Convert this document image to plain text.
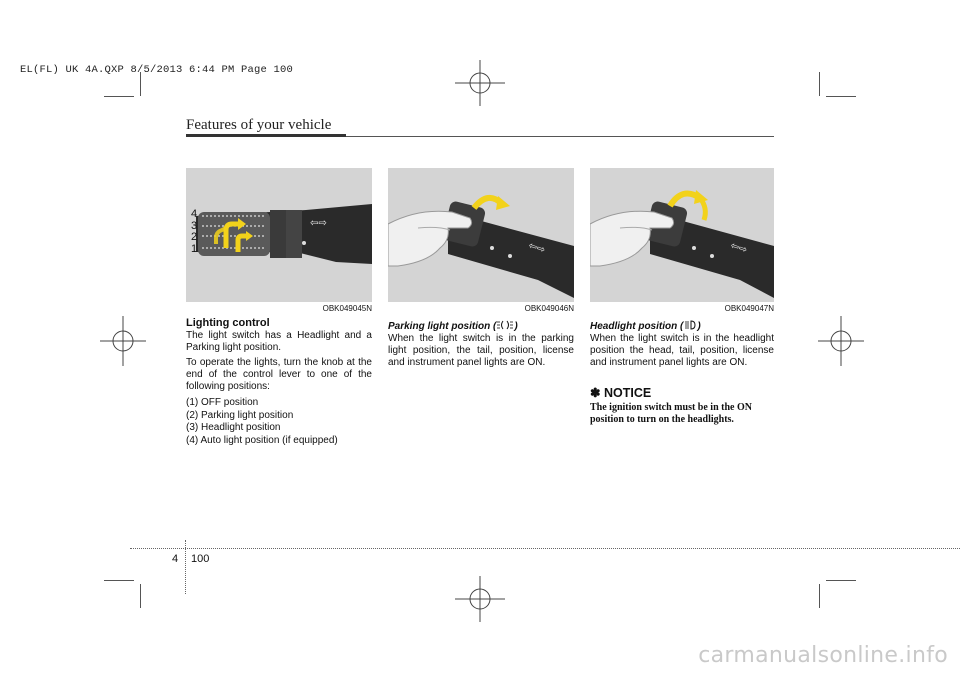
EL(FL) UK 4A.QXP 8/5/2013 6:44 PM Page 100
Features of your vehicle
⇦⇨
4
3
2
1
OBK049045N
⇦⇨
OBK049046N
⇦⇨
OBK049047N
Lighting control

The light switch has a Headlight and a Parking light position.

To operate the lights, turn the knob at the end of the control lever to one of the following positions:

(1) OFF position
(2) Parking light position
(3) Headlight position
(4) Auto light position (if equipped)
Parking light position ( )

When the light switch is in the parking light position, the tail, position, license and instrument panel lights are ON.

Headlight position ( )

When the light switch is in the headlight position the head, tail, position, license and instrument panel lights are ON.

✽ NOTICE

The ignition switch must be in the ON position to turn on the headlights.

4 100
carmanualsonline.info
